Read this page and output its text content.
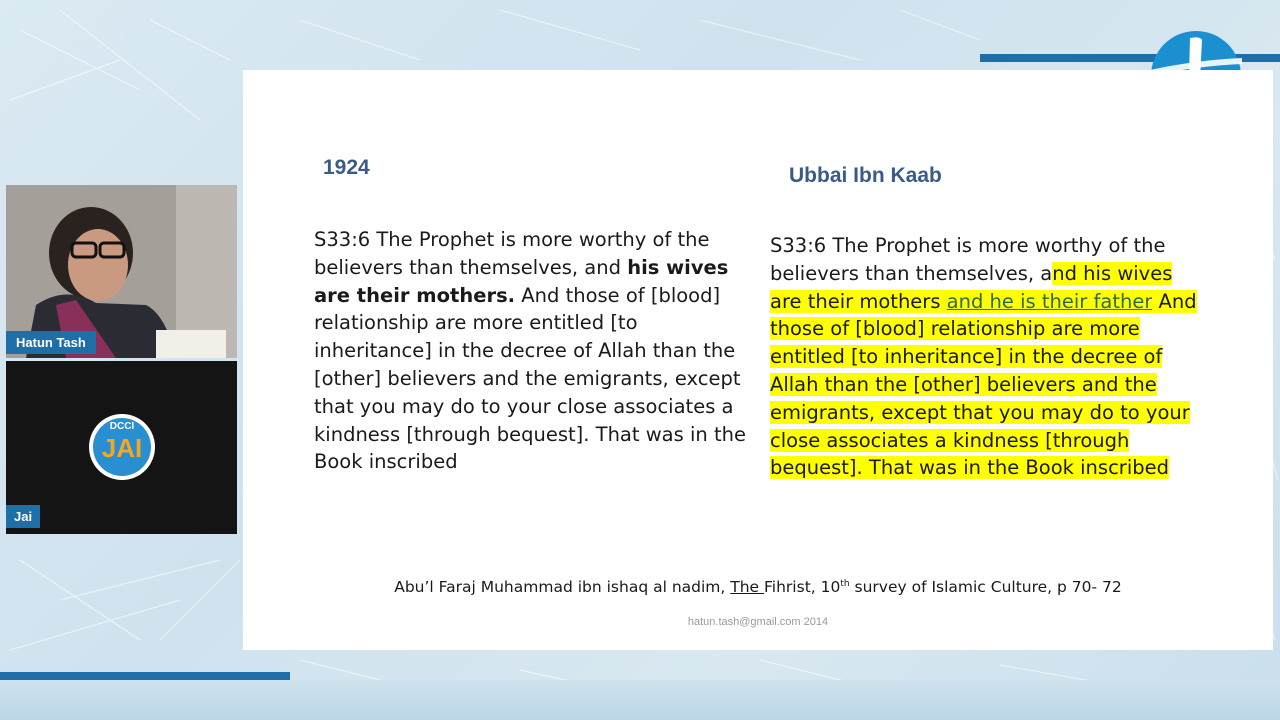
1924	Ubbai Ibn Kaab
S33:6 The Prophet is more worthy of the believers than themselves, and his wives are their mothers. And those of [blood] relationship are more entitled [to inheritance] in the decree of Allah than the [other] believers and the emigrants, except that you may do to your close associates a kindness [through bequest]. That was in the Book inscribed
S33:6 The Prophet is more worthy of the believers than themselves, and his wives are their mothers and he is their father And those of [blood] relationship are more entitled [to inheritance] in the decree of Allah than the [other] believers and the emigrants, except that you may do to your close associates a kindness [through bequest]. That was in the Book inscribed
Abu’l Faraj Muhammad ibn ishaq al nadim, The Fihrist, 10th survey of Islamic Culture, p 70- 72
hatun.tash@gmail.com 2014
Hatun Tash
DCCI
JAI
Jai
